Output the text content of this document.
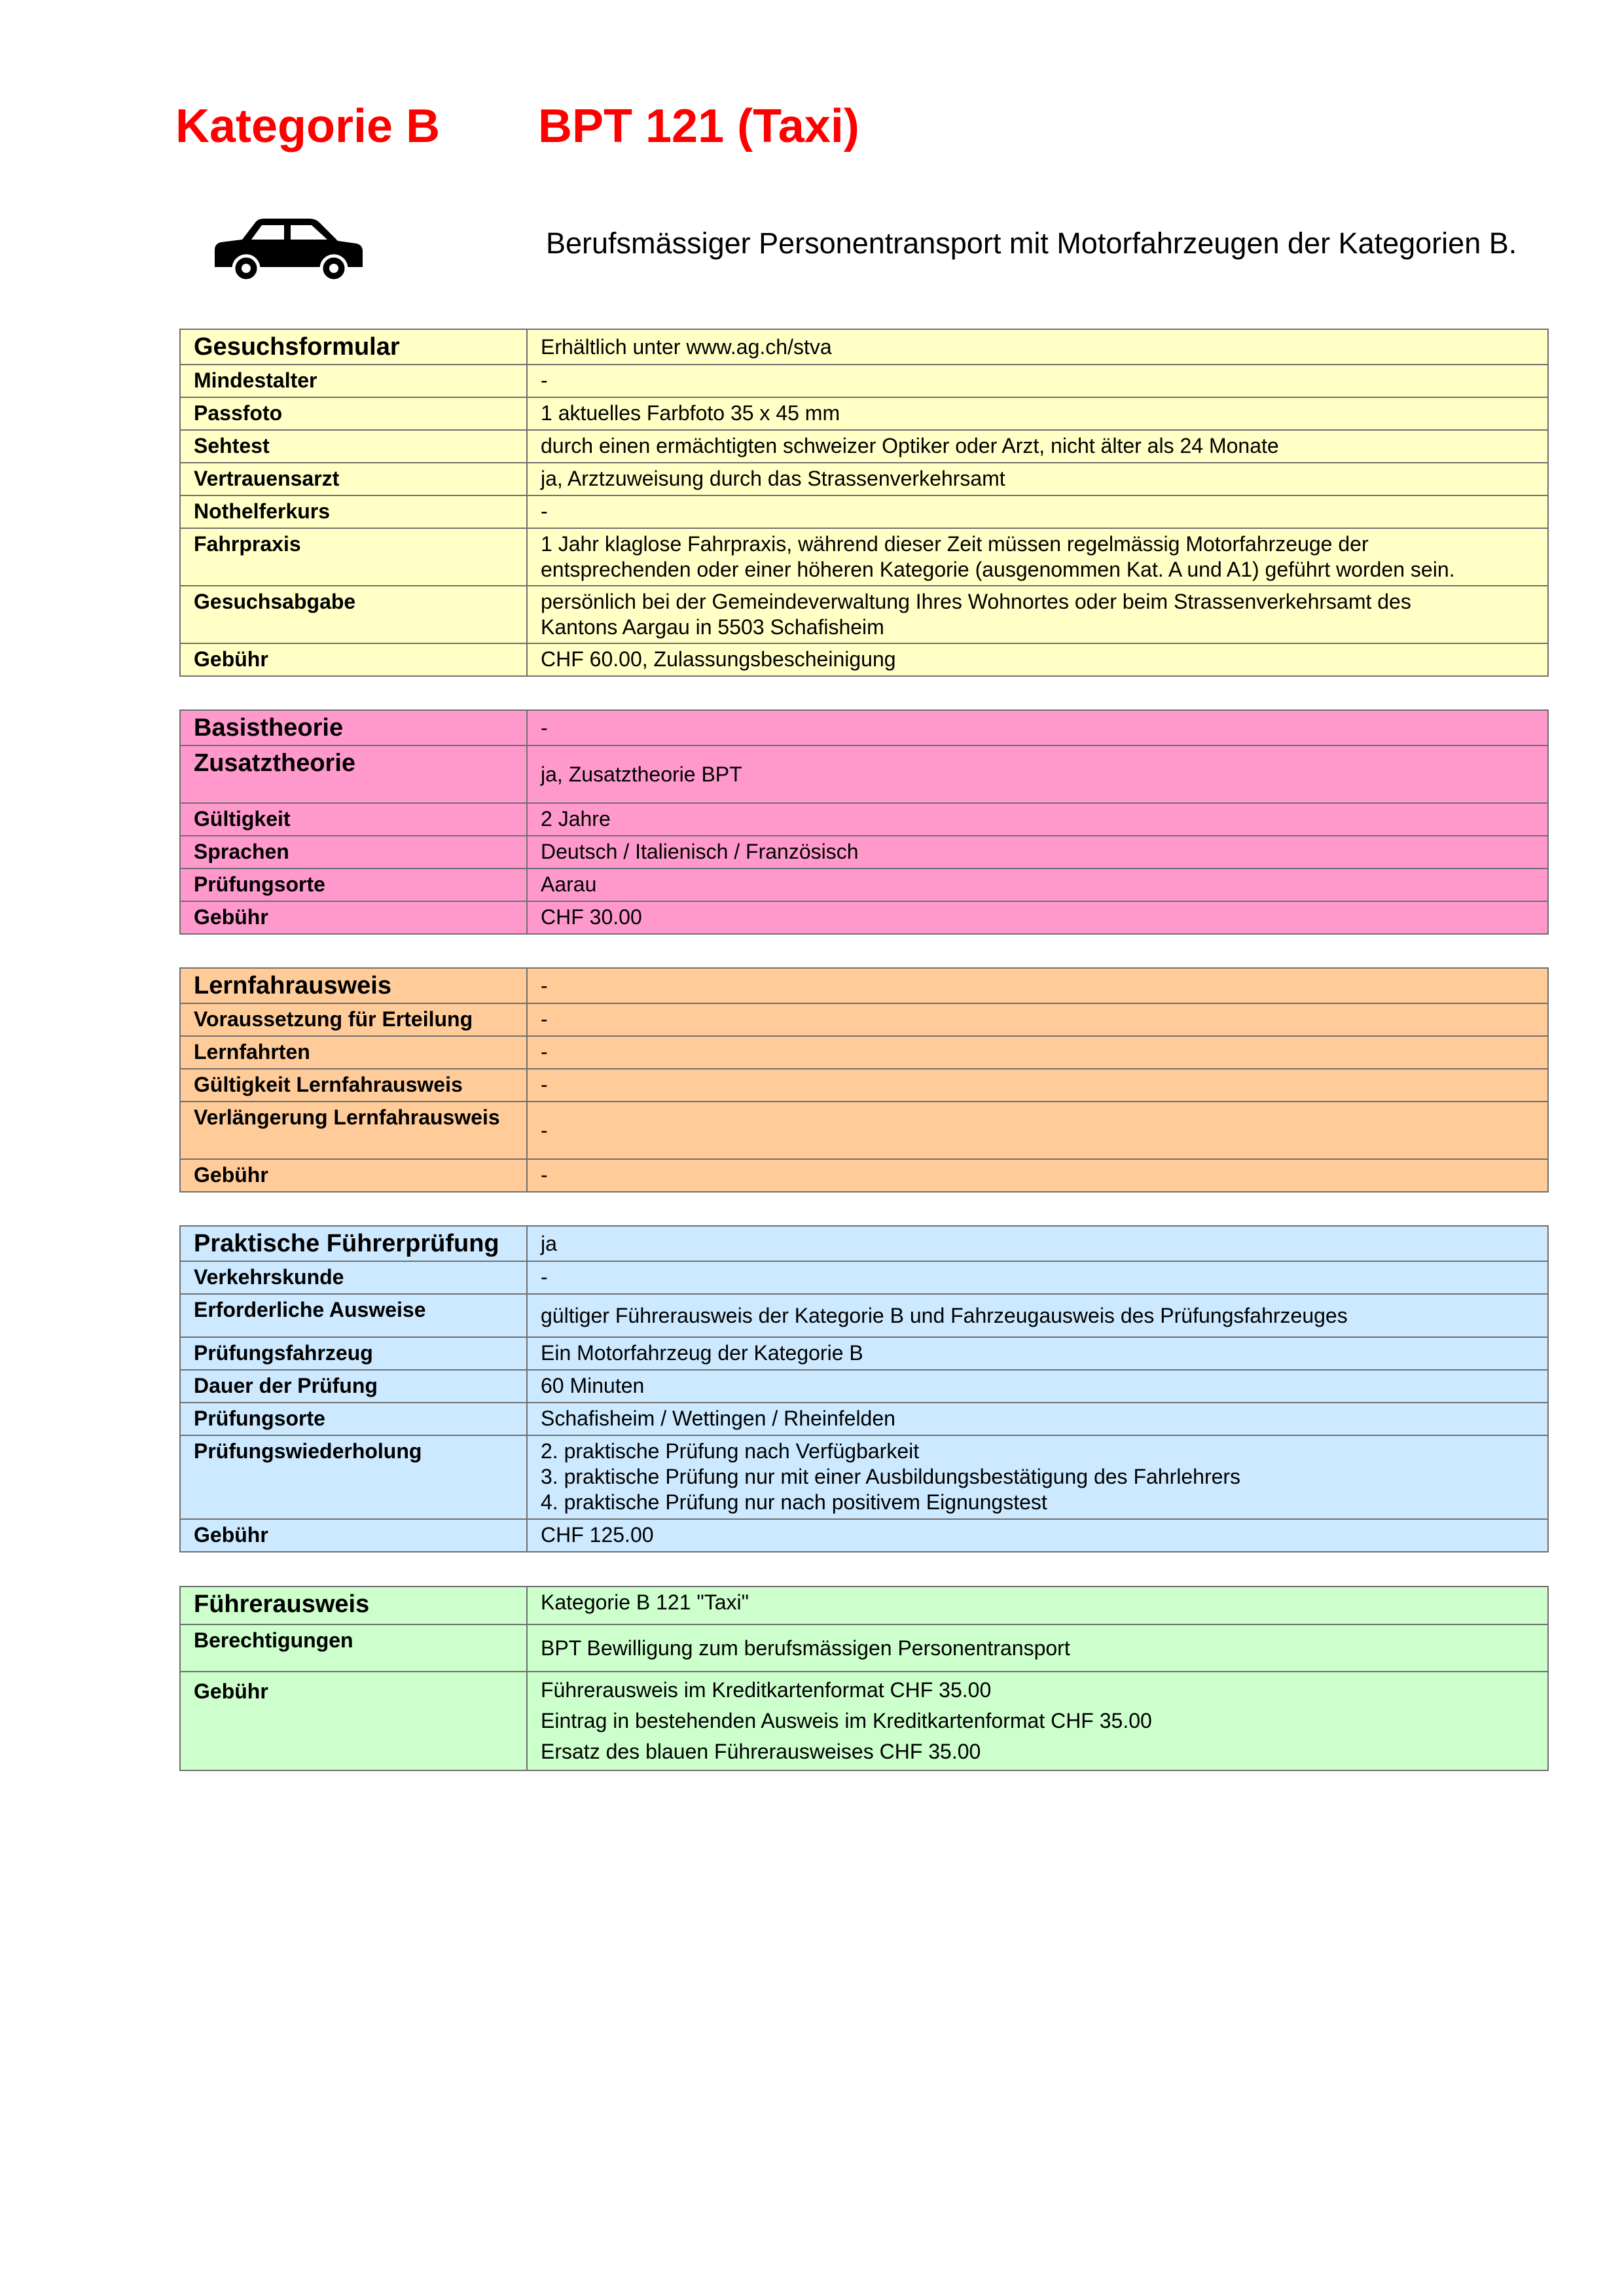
Kategorie B BPT 121 (Taxi)
Berufsmässiger Personentransport mit Motorfahrzeugen der Kategorien B.
Gesuchsformular	Erhältlich unter www.ag.ch/stva

Mindestalter	-

Passfoto	1 aktuelles Farbfoto 35 x 45 mm

Sehtest	durch einen ermächtigten schweizer Optiker oder Arzt, nicht älter als 24 Monate

Vertrauensarzt	ja, Arztzuweisung durch das Strassenverkehrsamt

Nothelferkurs	-

Fahrpraxis	1 Jahr klaglose Fahrpraxis, während dieser Zeit müssen regelmässig Motorfahrzeuge der
entsprechenden oder einer höheren Kategorie (ausgenommen Kat. A und A1) geführt worden sein.

Gesuchsabgabe	persönlich bei der Gemeindeverwaltung Ihres Wohnortes oder beim Strassenverkehrsamt des
Kantons Aargau in 5503 Schafisheim

Gebühr	CHF 60.00, Zulassungsbescheinigung
Basistheorie	-

Zusatztheorie	ja, Zusatztheorie BPT

Gültigkeit	2 Jahre

Sprachen	Deutsch / Italienisch / Französisch

Prüfungsorte	Aarau

Gebühr	CHF 30.00
Lernfahrausweis	-

Voraussetzung für Erteilung	-

Lernfahrten	-

Gültigkeit Lernfahrausweis	-

Verlängerung Lernfahrausweis	-

Gebühr	-
Praktische Führerprüfung	ja

Verkehrskunde	-

Erforderliche Ausweise	gültiger Führerausweis der Kategorie B und Fahrzeugausweis des Prüfungsfahrzeuges

Prüfungsfahrzeug	Ein Motorfahrzeug der Kategorie B

Dauer der Prüfung	60 Minuten

Prüfungsorte	Schafisheim / Wettingen / Rheinfelden

Prüfungswiederholung	2. praktische Prüfung nach Verfügbarkeit
3. praktische Prüfung nur mit einer Ausbildungsbestätigung des Fahrlehrers
4. praktische Prüfung nur nach positivem Eignungstest

Gebühr	CHF 125.00
Führerausweis	Kategorie B 121 "Taxi"

Berechtigungen	BPT Bewilligung zum berufsmässigen Personentransport

Gebühr	Führerausweis im Kreditkartenformat CHF 35.00
Eintrag in bestehenden Ausweis im Kreditkartenformat CHF 35.00
Ersatz des blauen Führerausweises CHF 35.00
